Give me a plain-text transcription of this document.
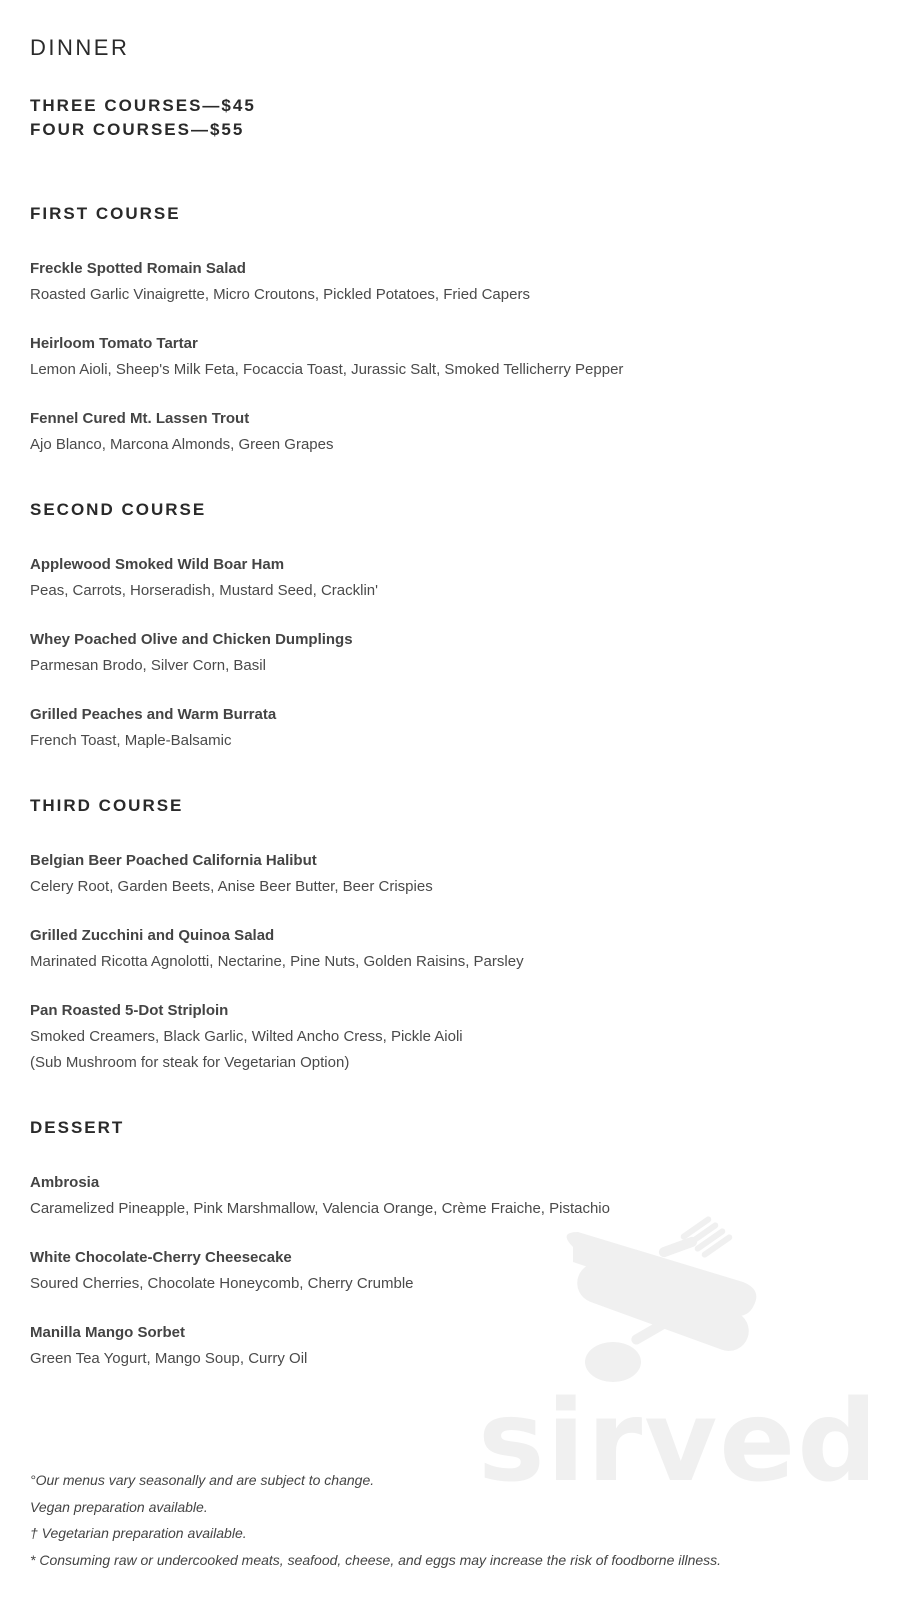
DINNER
THREE COURSES—$45
FOUR COURSES—$55
FIRST COURSE
Freckle Spotted Romain Salad
Roasted Garlic Vinaigrette, Micro Croutons, Pickled Potatoes, Fried Capers
Heirloom Tomato Tartar
Lemon Aioli, Sheep's Milk Feta, Focaccia Toast, Jurassic Salt, Smoked Tellicherry Pepper
Fennel Cured Mt. Lassen Trout
Ajo Blanco, Marcona Almonds, Green Grapes
SECOND COURSE
Applewood Smoked Wild Boar Ham
Peas, Carrots, Horseradish, Mustard Seed, Cracklin'
Whey Poached Olive and Chicken Dumplings
Parmesan Brodo, Silver Corn, Basil
Grilled Peaches and Warm Burrata
French Toast, Maple-Balsamic
THIRD COURSE
Belgian Beer Poached California Halibut
Celery Root, Garden Beets, Anise Beer Butter, Beer Crispies
Grilled Zucchini and Quinoa Salad
Marinated Ricotta Agnolotti, Nectarine, Pine Nuts, Golden Raisins, Parsley
Pan Roasted 5-Dot Striploin
Smoked Creamers, Black Garlic, Wilted Ancho Cress, Pickle Aioli
(Sub Mushroom for steak for Vegetarian Option)
DESSERT
Ambrosia
Caramelized Pineapple, Pink Marshmallow, Valencia Orange, Crème Fraiche, Pistachio
White Chocolate-Cherry Cheesecake
Soured Cherries, Chocolate Honeycomb, Cherry Crumble
Manilla Mango Sorbet
Green Tea Yogurt, Mango Soup, Curry Oil
°Our menus vary seasonally and are subject to change.
Vegan preparation available.
† Vegetarian preparation available.
* Consuming raw or undercooked meats, seafood, cheese, and eggs may increase the risk of foodborne illness.
sirved
